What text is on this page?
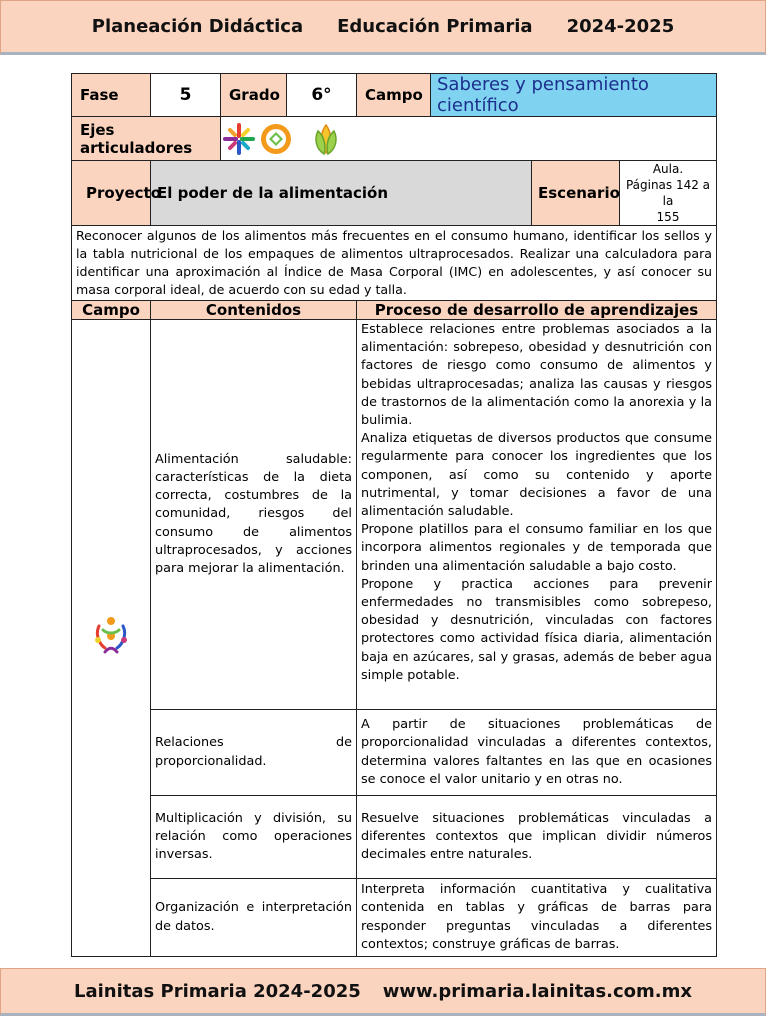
Planeación Didáctica Educación Primaria 2024-2025
Fase	5	Grado	6°	Campo	Saberes y pensamiento científico		
Ejes articuladores	

Proyecto	El poder de la alimentación					Escenario	Aula.
Páginas 142 a la
155

Reconocer algunos de los alimentos más frecuentes en el consumo humano, identificar los sellos y la tabla nutricional de los empaques de alimentos ultraprocesados. Realizar una calculadora para identificar una aproximación al Índice de Masa Corporal (IMC) en adolescentes, y así conocer su masa corporal ideal, de acuerdo con su edad y talla.							
Campo	Contenidos			Proceso de desarrollo de aprendizajes			
	Alimentación saludable: características de la dieta correcta, costumbres de la comunidad, riesgos del consumo de alimentos ultraprocesados, y acciones para mejorar la alimentación.			Establece relaciones entre problemas asociados a la alimentación: sobrepeso, obesidad y desnutrición con factores de riesgo como consumo de alimentos y bebidas ultraprocesadas; analiza las causas y riesgos de trastornos de la alimentación como la anorexia y la bulimia.
Analiza etiquetas de diversos productos que consume regularmente para conocer los ingredientes que los componen, así como su contenido y aporte nutrimental, y tomar decisiones a favor de una alimentación saludable.
Propone platillos para el consumo familiar en los que incorpora alimentos regionales y de temporada que brinden una alimentación saludable a bajo costo.
Propone y practica acciones para prevenir enfermedades no transmisibles como sobrepeso, obesidad y desnutrición, vinculadas con factores protectores como actividad física diaria, alimentación baja en azúcares, sal y grasas, además de beber agua simple potable.			

	Relaciones de proporcionalidad.			A partir de situaciones problemáticas de proporcionalidad vinculadas a diferentes contextos, determina valores faltantes en las que en ocasiones se conoce el valor unitario y en otras no.			

	Multiplicación y división, su relación como operaciones inversas.			Resuelve situaciones problemáticas vinculadas a diferentes contextos que implican dividir números decimales entre naturales.			

	Organización e interpretación de datos.			Interpreta información cuantitativa y cualitativa contenida en tablas y gráficas de barras para responder preguntas vinculadas a diferentes contextos; construye gráficas de barras.			
Lainitas Primaria 2024-2025 www.primaria.lainitas.com.mx
